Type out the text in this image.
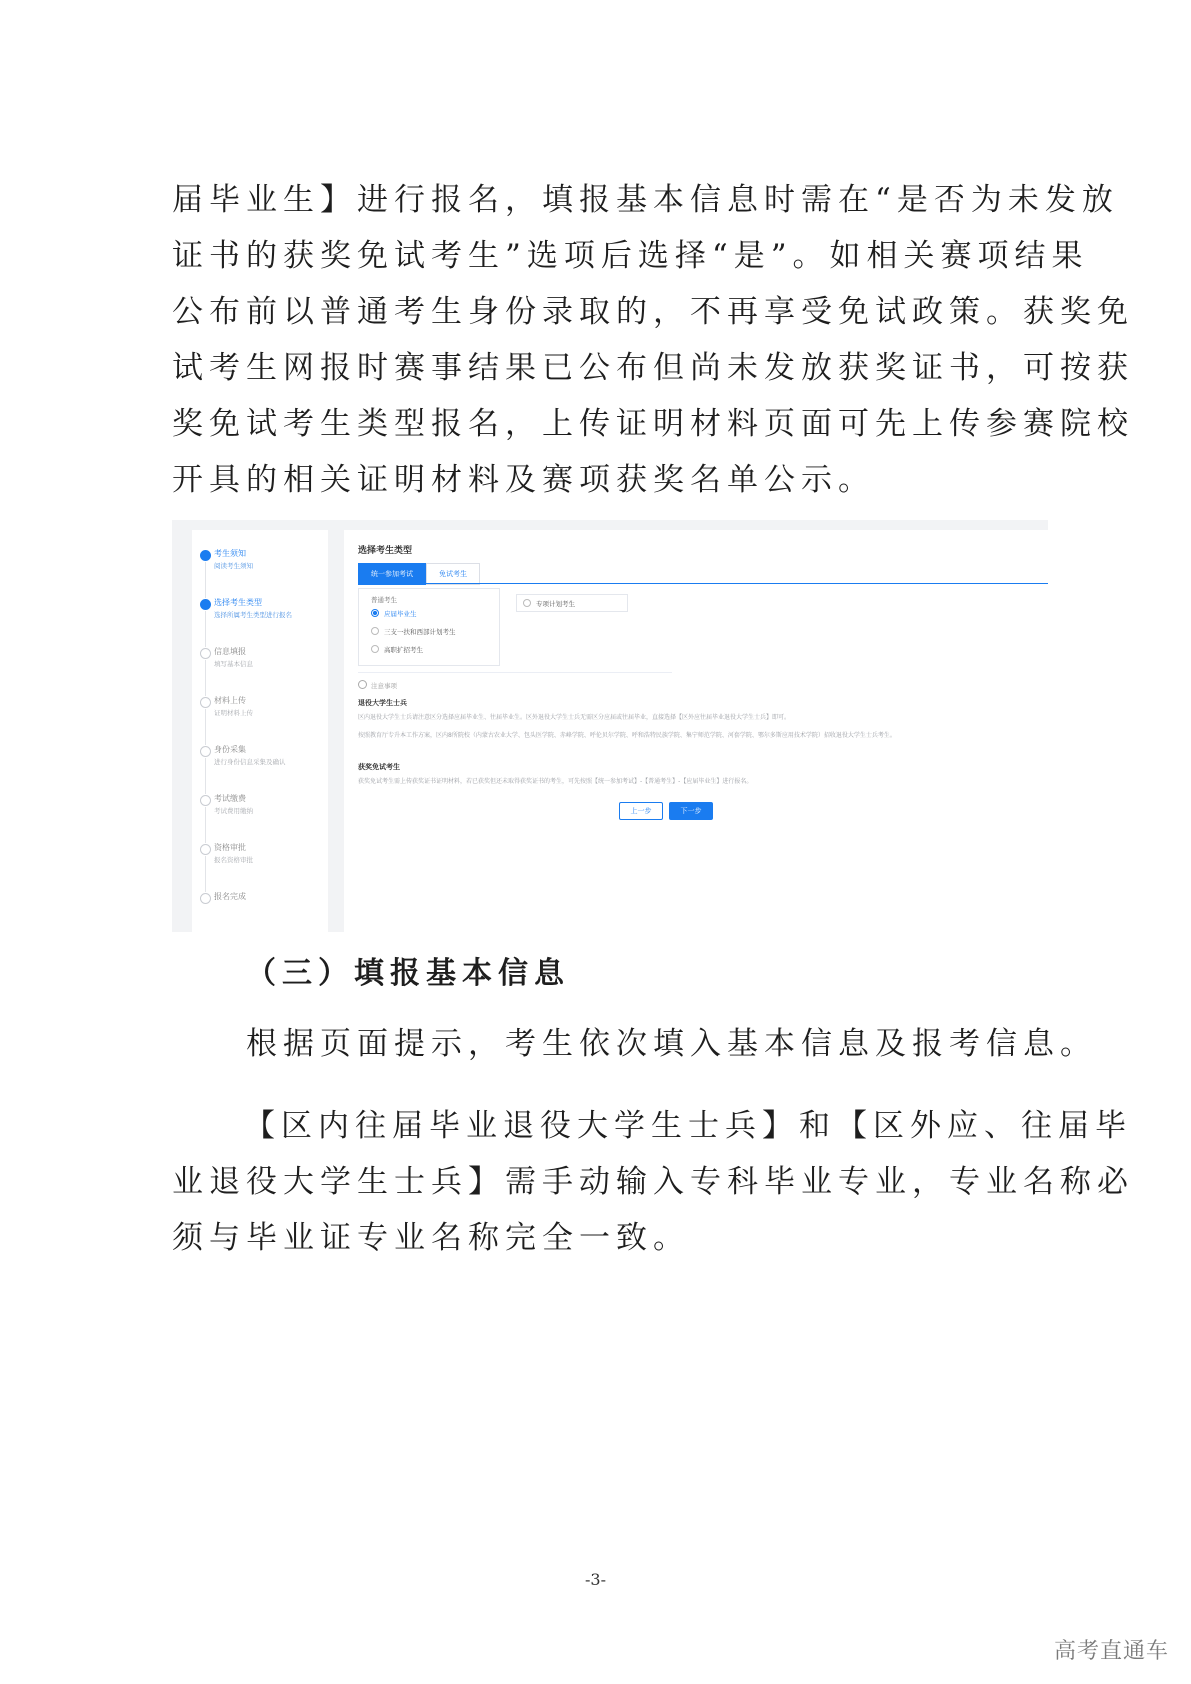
届毕业生】进行报名，填报基本信息时需在“是否为未发放
证书的获奖免试考生”选项后选择“是”。如相关赛项结果
公布前以普通考生身份录取的，不再享受免试政策。获奖免
试考生网报时赛事结果已公布但尚未发放获奖证书，可按获
奖免试考生类型报名，上传证明材料页面可先上传参赛院校
开具的相关证明材料及赛项获奖名单公示。
考生须知
阅读考生须知
选择考生类型
选择所属考生类型进行报名
信息填报
填写基本信息
材料上传
证明材料上传
身份采集
进行身份信息采集及确认
考试缴费
考试费用缴纳
资格审批
报名资格审批
报名完成
选择考生类型
统一参加考试	免试考生
普通考生
应届毕业生
三支一扶和西部计划考生
高职扩招考生
专项计划考生
注意事项
退役大学生士兵
区内退役大学生士兵请注意区分选择应届毕业生、往届毕业生。区外退役大学生士兵无需区分应届或往届毕业，直接选择【区外应往届毕业退役大学生士兵】即可。
按照教育厅专升本工作方案，区内8所院校（内蒙古农业大学、包头医学院、赤峰学院、呼伦贝尔学院、呼和浩特民族学院、集宁师范学院、河套学院、鄂尔多斯应用技术学院）招收退役大学生士兵考生。
获奖免试考生
获奖免试考生需上传获奖证书证明材料，若已获奖但还未取得获奖证书的考生，可先按照【统一参加考试】-【普通考生】-【应届毕业生】进行报名。
上一步	下一步
（三）填报基本信息
根据页面提示，考生依次填入基本信息及报考信息。
【区内往届毕业退役大学生士兵】和【区外应、往届毕
业退役大学生士兵】需手动输入专科毕业专业，专业名称必
须与毕业证专业名称完全一致。
-3-
高考直通车
